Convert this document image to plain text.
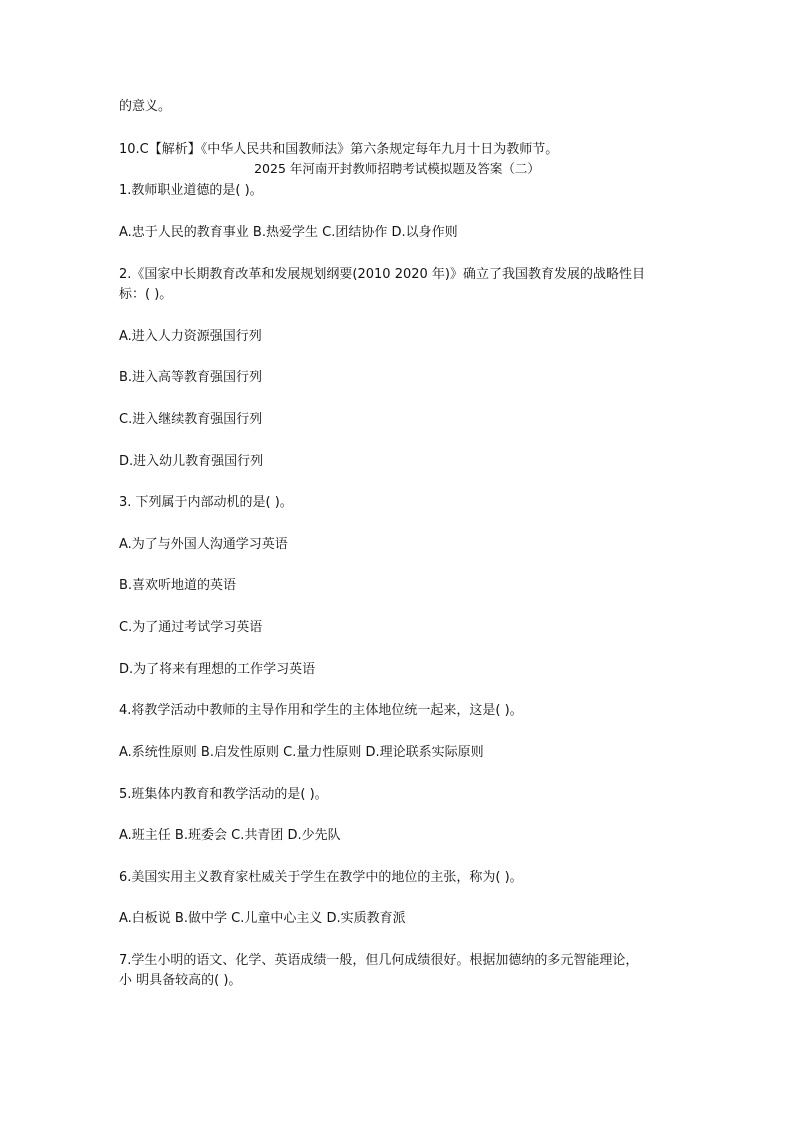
的意义。
10.C【解析】《中华人民共和国教师法》第六条规定每年九月十日为教师节。
2025 年河南开封教师招聘考试模拟题及答案（二）
1.教师职业道德的是( )。
A.忠于人民的教育事业 B.热爱学生 C.团结协作 D.以身作则
2.《国家中长期教育改革和发展规划纲要(2010 2020 年)》确立了我国教育发展的战略性目
标：( )。
A.进入人力资源强国行列
B.进入高等教育强国行列
C.进入继续教育强国行列
D.进入幼儿教育强国行列
3. 下列属于内部动机的是( )。
A.为了与外国人沟通学习英语
B.喜欢听地道的英语
C.为了通过考试学习英语
D.为了将来有理想的工作学习英语
4.将教学活动中教师的主导作用和学生的主体地位统一起来，这是( )。
A.系统性原则 B.启发性原则 C.量力性原则 D.理论联系实际原则
5.班集体内教育和教学活动的是( )。
A.班主任 B.班委会 C.共青团 D.少先队
6.美国实用主义教育家杜威关于学生在教学中的地位的主张，称为( )。
A.白板说 B.做中学 C.儿童中心主义 D.实质教育派
7.学生小明的语文、化学、英语成绩一般，但几何成绩很好。根据加德纳的多元智能理论，
小 明具备较高的( )。
